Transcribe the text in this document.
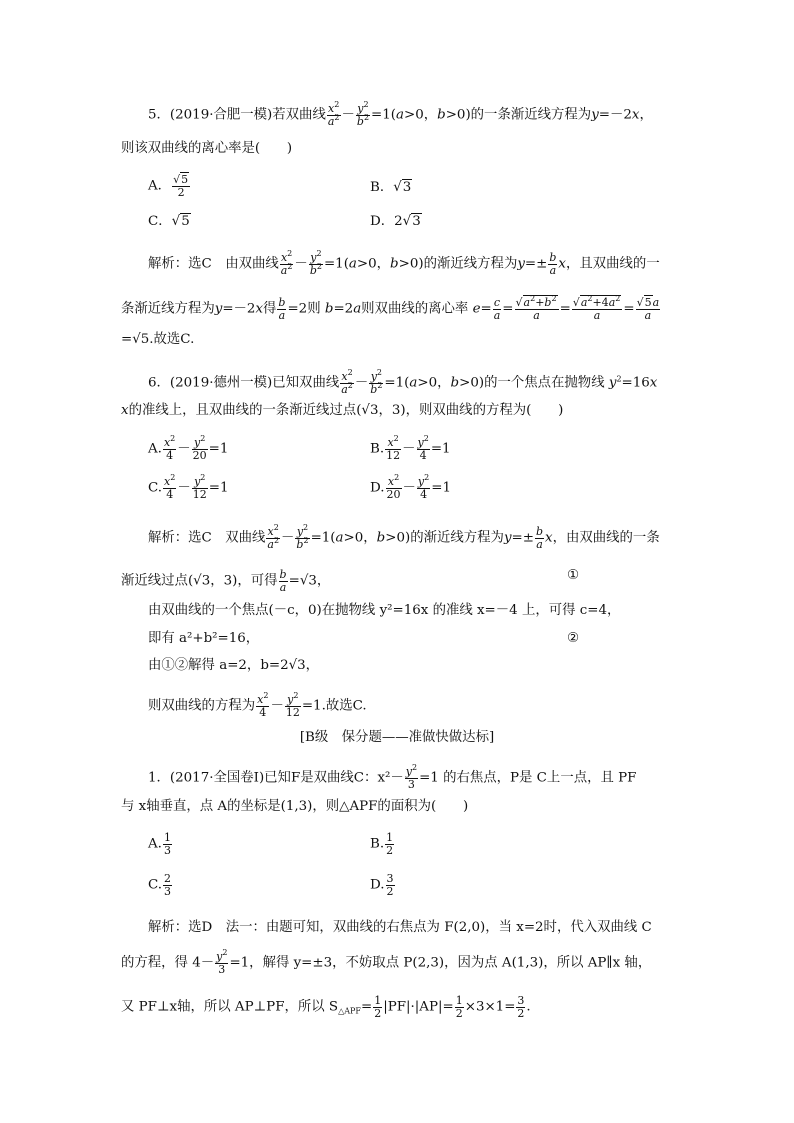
5．(2019·合肥一模)若双曲线 $\frac{x^2}{a^2} - \frac{y^2}{b^2} =1(a>0$，b>0)的一条渐近线方程为y=－2x，
则该双曲线的离心率是(　　)
A． $\frac{√5}{2}$	B．√3
C．√5	D．2√3
解析：选C　由双曲线 $\frac{x^2}{a^2} - \frac{y^2}{b^2} =1(a>0$，b>0)的渐近线方程为$y=\pm \frac{b}{a}$ x，且双曲线的一
条渐近线方程为y=－2x得 $\frac{b}{a} =2$则 b=2a则双曲线的离心率 $e= \frac{c}{a} = \frac{√a^2+b^2}{a} = \frac{√a^2+4a^2}{a} = \frac{√5a}{a}$
=√5.故选C.
6．(2019·德州一模)已知双曲线 $\frac{x^2}{a^2} - \frac{y^2}{b^2} =1(a>0$，b>0)的一个焦点在抛物线 $y^2=16x$
x的准线上，且双曲线的一条渐近线过点(√3，3)，则双曲线的方程为(　　)
A. $\frac{x^2}{4} - \frac{y^2}{20} =1$	B. $\frac{x^2}{12} - \frac{y^2}{4} =1$
C. $\frac{x^2}{4} - \frac{y^2}{12} =1$	D. $\frac{x^2}{20} - \frac{y^2}{4} =1$
解析：选C　双曲线 $\frac{x^2}{a^2} - \frac{y^2}{b^2} =1(a>0$，b>0)的渐近线方程为$y=\pm \frac{b}{a}$ x，由双曲线的一条
渐近线过点(√3，3)，可得 $\frac{b}{a} =√3$，	①
由双曲线的一个焦点(－c，0)在抛物线 y²=16x 的准线 x=－4 上，可得 c=4，
即有 a²+b²=16，	②
由①②解得 a=2，b=2√3，
则双曲线的方程为 $\frac{x^2}{4} - \frac{y^2}{12} =1$.故选C.
[B级　保分题——准做快做达标]
1．(2017·全国卷Ⅰ)已知F是双曲线C：$x^2- \frac{y^2}{3} =1$ 的右焦点，P是 C上一点，且 PF
与 x轴垂直，点 A的坐标是(1,3)，则△APF的面积为(　　)
A. $\frac{1}{3}$	B. $\frac{1}{2}$
C. $\frac{2}{3}$	D. $\frac{3}{2}$
解析：选D　法一：由题可知，双曲线的右焦点为 F(2,0)，当 x=2时，代入双曲线 C
的方程，得 $4- \frac{y^2}{3} =1$，解得 y=±3，不妨取点 P(2,3)，因为点 A(1,3)，所以 AP∥x 轴，
又 PF⊥x轴，所以 AP⊥PF，所以 $S_{\triangle APF}= \frac{1}{2} |PF|\cdot|AP|= \frac{1}{2} \times 3\times 1= \frac{3}{2}$ .
